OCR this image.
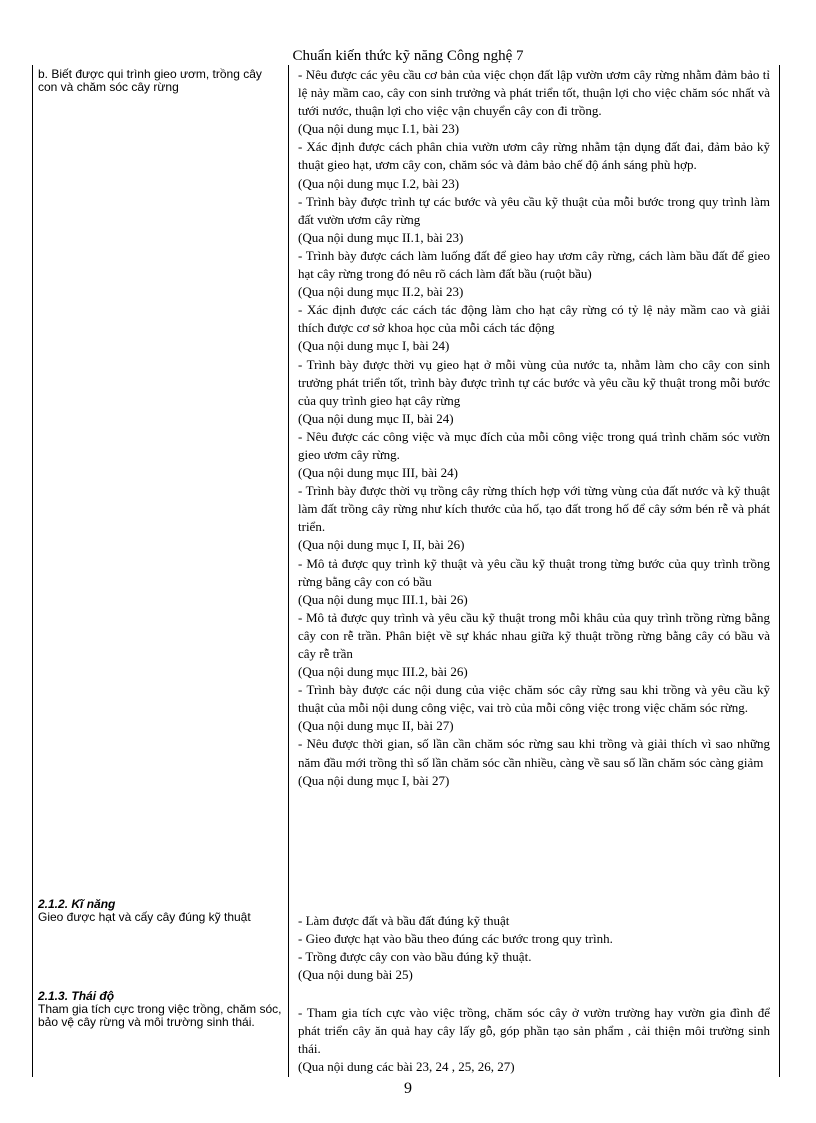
Chuẩn kiến thức kỹ năng Công nghệ 7
b. Biết được qui trình gieo ươm, trồng cây con và chăm sóc cây rừng
2.1.2. Kĩ năng
Gieo được hạt và cấy cây đúng kỹ thuật
2.1.3. Thái độ
Tham gia tích cực trong việc trồng, chăm sóc, bảo vệ cây rừng và môi trường sinh thái.
- Nêu được các yêu cầu cơ bản của việc chọn đất lập vườn ươm cây rừng nhằm đảm bảo tỉ lệ nảy mầm cao, cây con sinh trưởng và phát triển tốt, thuận lợi cho việc chăm sóc nhất và tưới nước, thuận lợi cho việc vận chuyển cây con đi trồng.
(Qua nội dung mục I.1, bài 23)
- Xác định được cách phân chia vườn ươm cây rừng nhằm tận dụng đất đai, đảm bảo kỹ thuật gieo hạt, ươm cây con, chăm sóc và đảm bảo chế độ ánh sáng phù hợp.
(Qua nội dung mục I.2, bài 23)
- Trình bày được trình tự các bước và yêu cầu kỹ thuật của mỗi bước trong quy trình làm đất vườn ươm cây rừng
(Qua nội dung mục II.1, bài 23)
- Trình bày được cách làm luống đất để gieo hay ươm cây rừng, cách làm bầu đất để gieo hạt cây rừng trong đó nêu rõ cách làm đất bầu (ruột bầu)
(Qua nội dung mục II.2, bài 23)
- Xác định được các cách tác động làm cho hạt cây rừng có tỷ lệ nảy mầm cao và giải thích được cơ sở khoa học của mỗi cách tác động
(Qua nội dung mục I, bài 24)
- Trình bày được thời vụ gieo hạt ở mỗi vùng của nước ta, nhằm làm cho cây con sinh trưởng phát triển tốt, trình bày được trình tự các bước và yêu cầu kỹ thuật trong mỗi bước của quy trình gieo hạt cây rừng
(Qua nội dung mục II, bài 24)
- Nêu được các công việc và mục đích của mỗi công việc trong quá trình chăm sóc vườn gieo ươm cây rừng.
(Qua nội dung mục III, bài 24)
- Trình bày được thời vụ trồng cây rừng thích hợp với từng vùng của đất nước và kỹ thuật làm đất trồng cây rừng như kích thước của hố, tạo đất trong hố để cây sớm bén rễ và phát triển.
(Qua nội dung mục I, II, bài 26)
- Mô tả được quy trình kỹ thuật và yêu cầu kỹ thuật trong từng bước của quy trình trồng rừng bằng cây con có bầu
(Qua nội dung mục III.1, bài 26)
- Mô tả được quy trình và yêu cầu kỹ thuật trong mỗi khâu của quy trình trồng rừng bằng cây con rễ trần. Phân biệt về sự khác nhau giữa kỹ thuật trồng rừng bằng cây có bầu và cây rễ trần
(Qua nội dung mục III.2, bài 26)
- Trình bày được các nội dung của việc chăm sóc cây rừng sau khi trồng và yêu cầu kỹ thuật của mỗi nội dung công việc, vai trò của mỗi công việc trong việc chăm sóc rừng.
(Qua nội dung mục II, bài 27)
- Nêu được thời gian, số lần cần chăm sóc rừng sau khi trồng và giải thích vì sao những năm đầu mới trồng thì số lần chăm sóc cần nhiều, càng về sau số lần chăm sóc càng giảm
(Qua nội dung mục I, bài 27)
- Làm được đất và bầu đất đúng kỹ thuật
- Gieo được hạt vào bầu theo đúng các bước trong quy trình.
- Trồng được cây con vào bầu đúng kỹ thuật.
(Qua nội dung bài 25)
- Tham gia tích cực vào việc trồng, chăm sóc cây ở vườn trường hay vườn gia đình để phát triển cây ăn quả hay cây lấy gỗ, góp phần tạo sản phẩm , cải thiện môi trường sinh thái.
(Qua nội dung các bài 23, 24 , 25, 26, 27)
9
